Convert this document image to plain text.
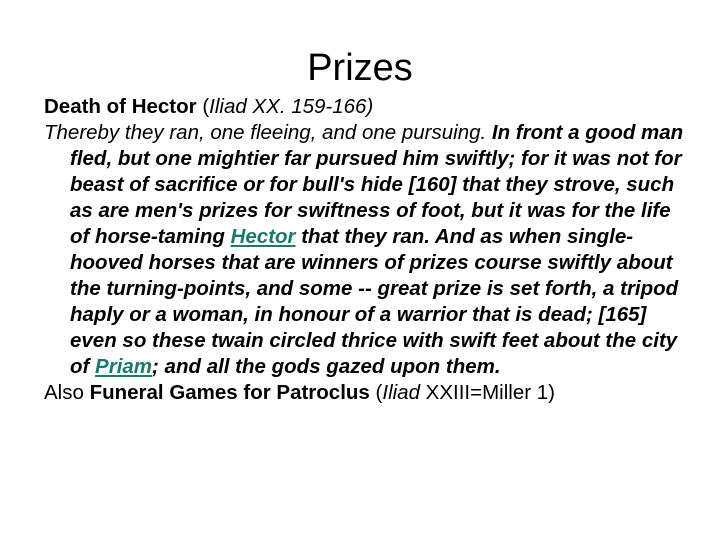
Prizes

Death of Hector (Iliad XX. 159-166)

Thereby they ran, one fleeing, and one pursuing. In front a good man fled, but one mightier far pursued him swiftly; for it was not for beast of sacrifice or for bull's hide [160] that they strove, such as are men's prizes for swiftness of foot, but it was for the life of horse-taming Hector that they ran. And as when single-hooved horses that are winners of prizes course swiftly about the turning-points, and some -- great prize is set forth, a tripod haply or a woman, in honour of a warrior that is dead; [165] even so these twain circled thrice with swift feet about the city of Priam; and all the gods gazed upon them.

Also Funeral Games for Patroclus (Iliad XXIII=Miller 1)
